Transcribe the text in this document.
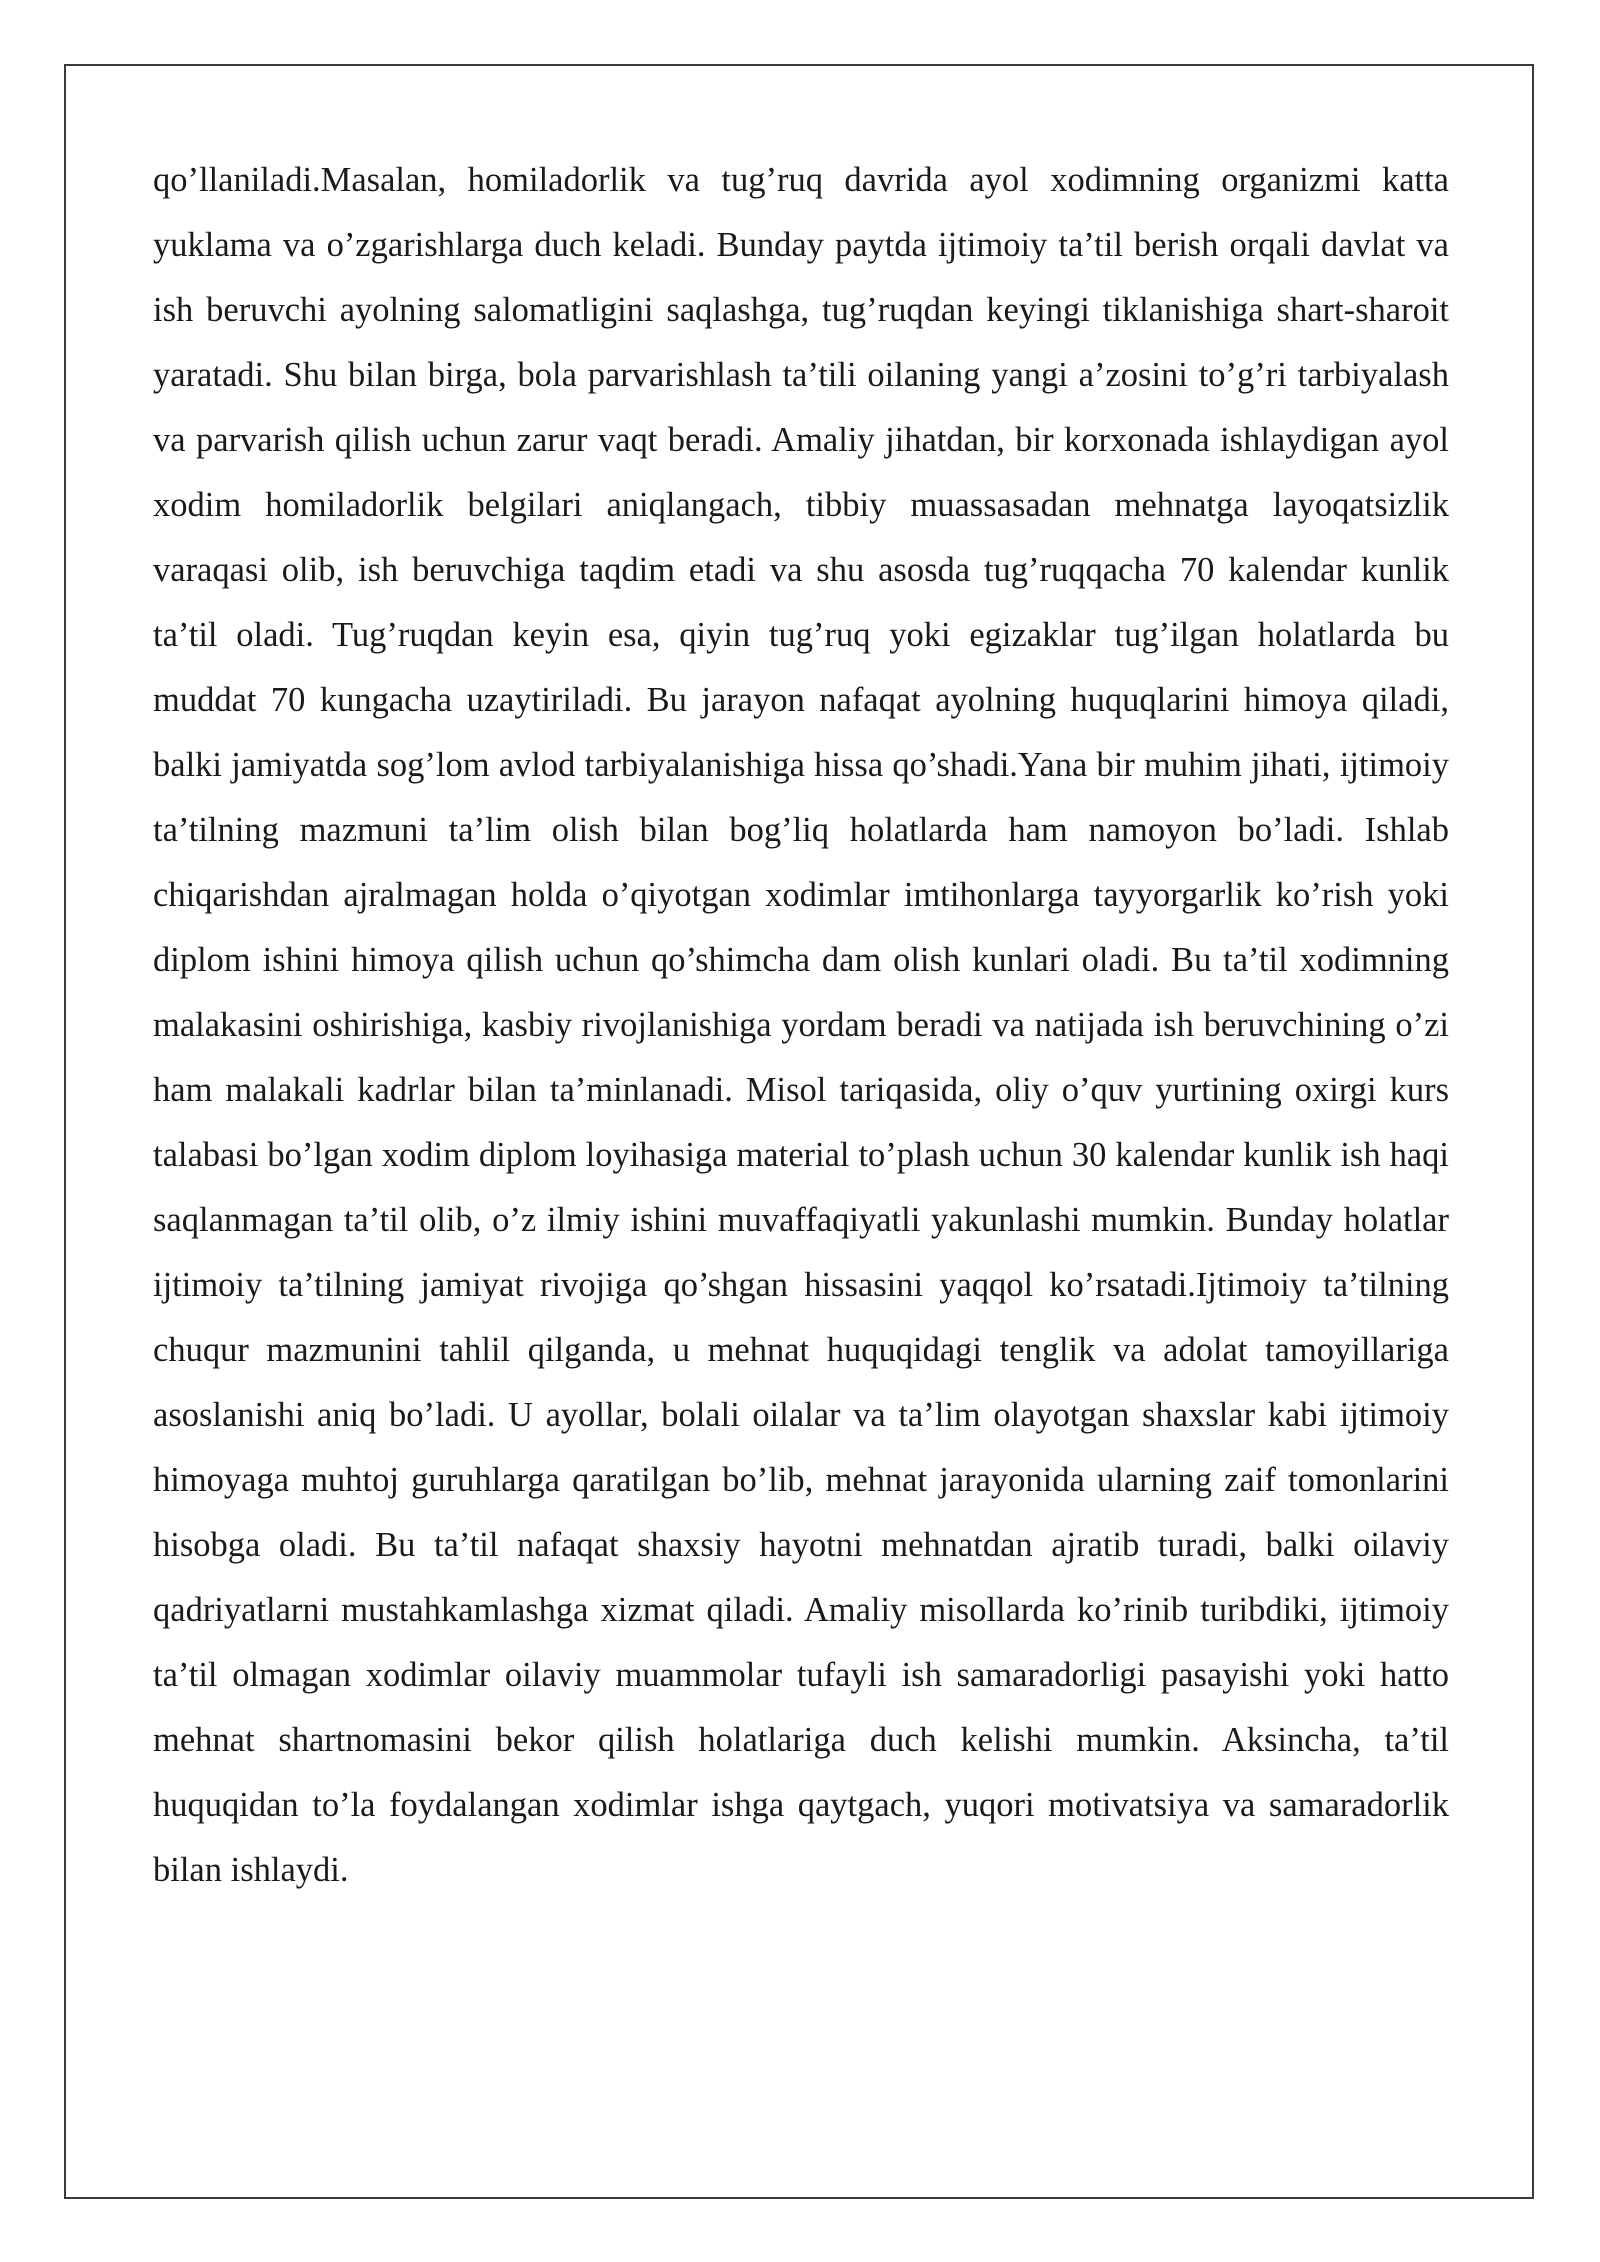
qo’llaniladi.Masalan, homiladorlik va tug’ruq davrida ayol xodimning organizmi katta yuklama va o’zgarishlarga duch keladi. Bunday paytda ijtimoiy ta’til berish orqali davlat va ish beruvchi ayolning salomatligini saqlashga, tug’ruqdan keyingi tiklanishiga shart-sharoit yaratadi. Shu bilan birga, bola parvarishlash ta’tili oilaning yangi a’zosini to’g’ri tarbiyalash va parvarish qilish uchun zarur vaqt beradi. Amaliy jihatdan, bir korxonada ishlaydigan ayol xodim homiladorlik belgilari aniqlangach, tibbiy muassasadan mehnatga layoqatsizlik varaqasi olib, ish beruvchiga taqdim etadi va shu asosda tug’ruqqacha 70 kalendar kunlik ta’til oladi. Tug’ruqdan keyin esa, qiyin tug’ruq yoki egizaklar tug’ilgan holatlarda bu muddat 70 kungacha uzaytiriladi. Bu jarayon nafaqat ayolning huquqlarini himoya qiladi, balki jamiyatda sog’lom avlod tarbiyalanishiga hissa qo’shadi.Yana bir muhim jihati, ijtimoiy ta’tilning mazmuni ta’lim olish bilan bog’liq holatlarda ham namoyon bo’ladi. Ishlab chiqarishdan ajralmagan holda o’qiyotgan xodimlar imtihonlarga tayyorgarlik ko’rish yoki diplom ishini himoya qilish uchun qo’shimcha dam olish kunlari oladi. Bu ta’til xodimning malakasini oshirishiga, kasbiy rivojlanishiga yordam beradi va natijada ish beruvchining o’zi ham malakali kadrlar bilan ta’minlanadi. Misol tariqasida, oliy o’quv yurtining oxirgi kurs talabasi bo’lgan xodim diplom loyihasiga material to’plash uchun 30 kalendar kunlik ish haqi saqlanmagan ta’til olib, o’z ilmiy ishini muvaffaqiyatli yakunlashi mumkin. Bunday holatlar ijtimoiy ta’tilning jamiyat rivojiga qo’shgan hissasini yaqqol ko’rsatadi.Ijtimoiy ta’tilning chuqur mazmunini tahlil qilganda, u mehnat huquqidagi tenglik va adolat tamoyillariga asoslanishi aniq bo’ladi. U ayollar, bolali oilalar va ta’lim olayotgan shaxslar kabi ijtimoiy himoyaga muhtoj guruhlarga qaratilgan bo’lib, mehnat jarayonida ularning zaif tomonlarini hisobga oladi. Bu ta’til nafaqat shaxsiy hayotni mehnatdan ajratib turadi, balki oilaviy qadriyatlarni mustahkamlashga xizmat qiladi. Amaliy misollarda ko’rinib turibdiki, ijtimoiy ta’til olmagan xodimlar oilaviy muammolar tufayli ish samaradorligi pasayishi yoki hatto mehnat shartnomasini bekor qilish holatlariga duch kelishi mumkin. Aksincha, ta’til huquqidan to’la foydalangan xodimlar ishga qaytgach, yuqori motivatsiya va samaradorlik bilan ishlaydi.
